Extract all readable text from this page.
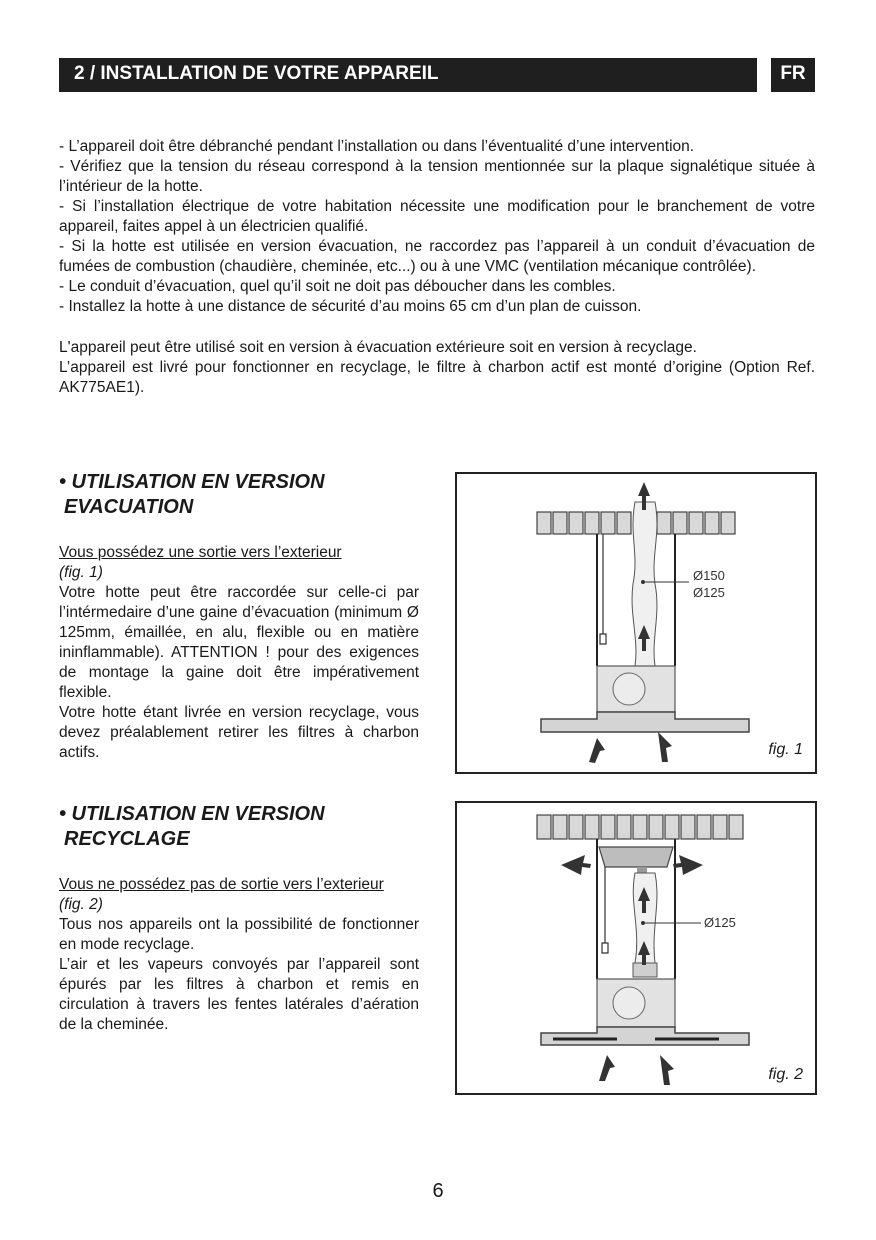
2 / INSTALLATION DE VOTRE APPAREIL	FR

- L’appareil doit être débranché pendant l’installation ou dans l’éventualité d’une intervention.

- Vérifiez que la tension du réseau correspond à la tension mentionnée sur la plaque signalétique située à l’intérieur de la hotte.

- Si l’installation électrique de votre habitation nécessite une modification pour le branchement de votre appareil, faites appel à un électricien qualifié.

- Si la hotte est utilisée en version évacuation, ne raccordez pas l’appareil à un conduit d’évacuation de fumées de combustion (chaudière, cheminée, etc...) ou à une VMC (ventilation mécanique contrôlée).

- Le conduit d’évacuation, quel qu’il soit ne doit pas déboucher dans les combles.

- Installez la hotte à une distance de sécurité d’au moins 65 cm d’un plan de cuisson.

L'appareil peut être utilisé soit en version à évacuation extérieure soit en version à recyclage.

L’appareil est livré pour fonctionner en recyclage, le filtre à charbon actif est monté d’origine (Option Ref. AK775AE1).

• UTILISATION EN VERSION
EVACUATION

Vous possédez une sortie vers l’exterieur

(fig. 1)

Votre hotte peut être raccordée sur celle-ci par l’intérmedaire d’une gaine d’évacuation (minimum Ø 125mm, émaillée, en alu, flexible ou en matière ininflammable). ATTENTION ! pour des exigences de montage la gaine doit être impérativement flexible.

Votre hotte étant livrée en version recyclage, vous devez préalablement retirer les filtres à charbon actifs.

Ø150
Ø125
fig. 1
• UTILISATION EN VERSION
RECYCLAGE

Vous ne possédez pas de sortie vers l’exterieur

(fig. 2)

Tous nos appareils ont la possibilité de fonctionner en mode recyclage.

L’air et les vapeurs convoyés par l’appareil sont épurés par les filtres à charbon et remis en circulation à travers les fentes latérales d’aération de la cheminée.

Ø125
fig. 2
6
